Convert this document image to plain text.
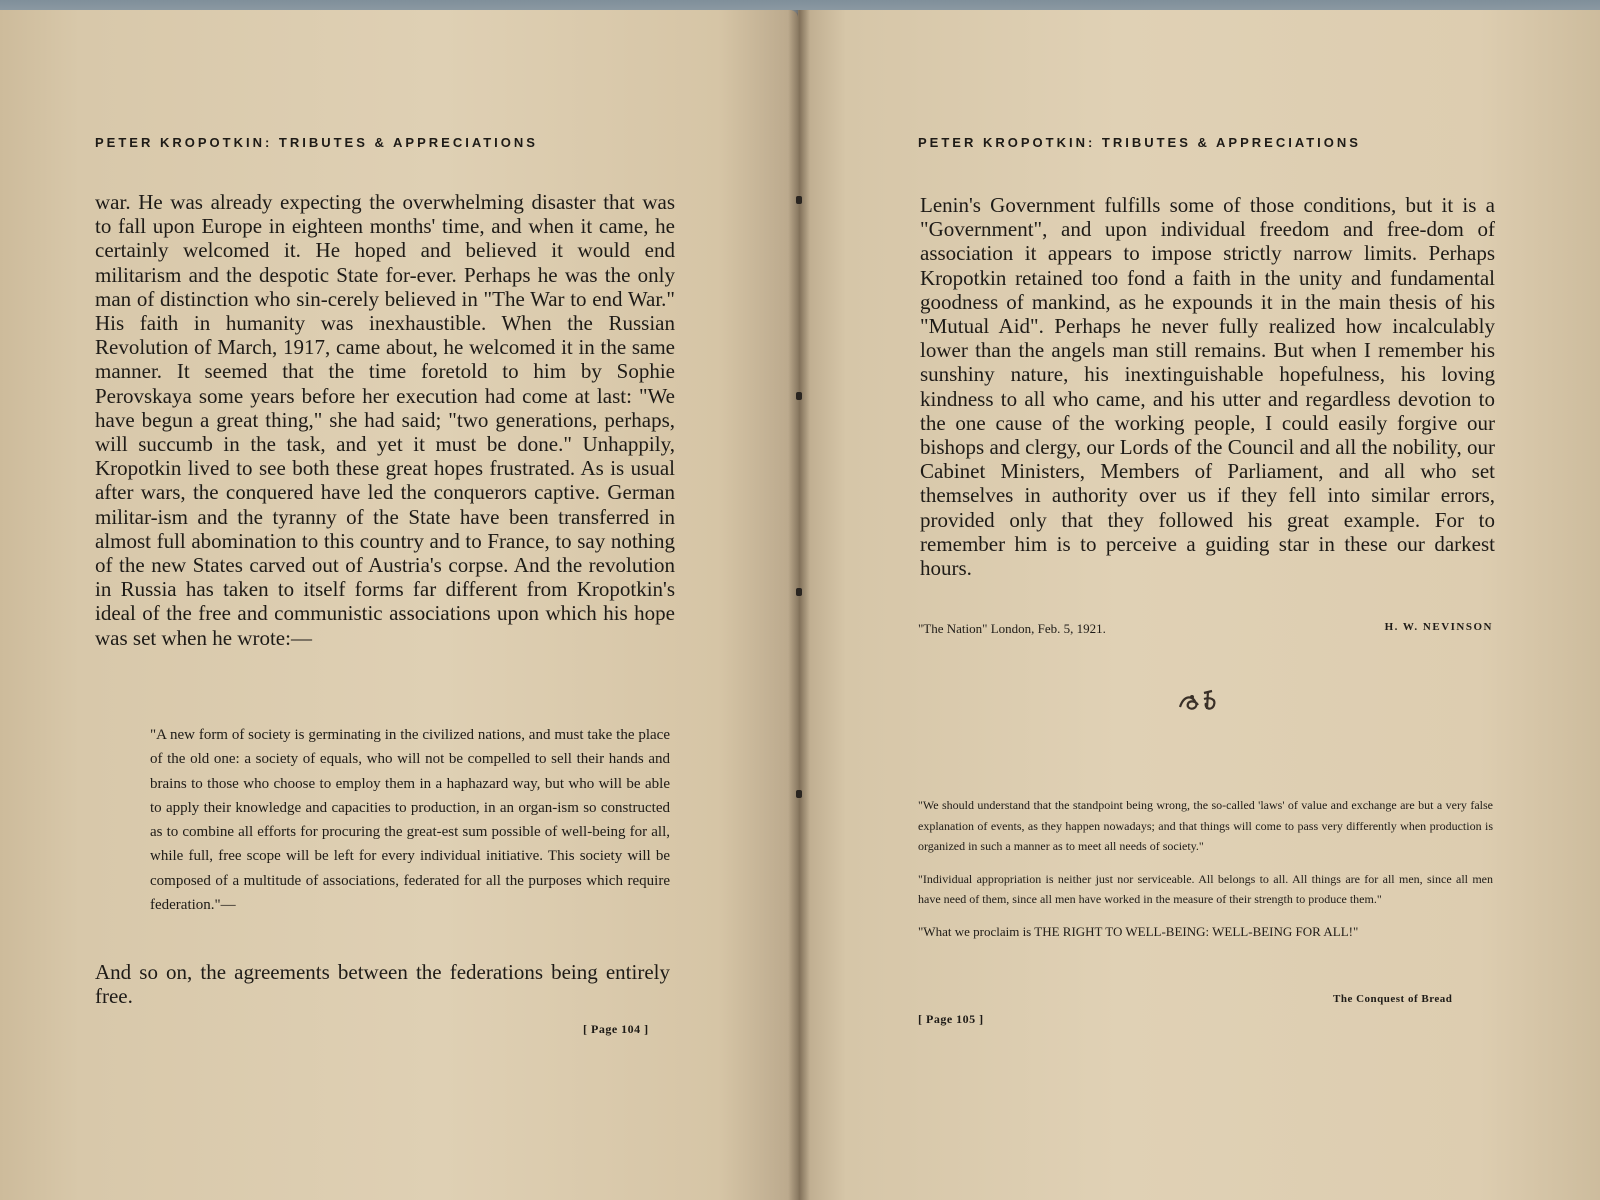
PETER KROPOTKIN: TRIBUTES & APPRECIATIONS
war. He was already expecting the overwhelming disaster that was to fall upon Europe in eighteen months' time, and when it came, he certainly welcomed it. He hoped and believed it would end militarism and the despotic State for-ever. Perhaps he was the only man of distinction who sin-cerely believed in "The War to end War." His faith in humanity was inexhaustible. When the Russian Revolution of March, 1917, came about, he welcomed it in the same manner. It seemed that the time foretold to him by Sophie Perovskaya some years before her execution had come at last: "We have begun a great thing," she had said; "two generations, perhaps, will succumb in the task, and yet it must be done." Unhappily, Kropotkin lived to see both these great hopes frustrated. As is usual after wars, the conquered have led the conquerors captive. German militar-ism and the tyranny of the State have been transferred in almost full abomination to this country and to France, to say nothing of the new States carved out of Austria's corpse. And the revolution in Russia has taken to itself forms far different from Kropotkin's ideal of the free and communistic associations upon which his hope was set when he wrote:—
"A new form of society is germinating in the civilized nations, and must take the place of the old one: a society of equals, who will not be compelled to sell their hands and brains to those who choose to employ them in a haphazard way, but who will be able to apply their knowledge and capacities to production, in an organ-ism so constructed as to combine all efforts for procuring the great-est sum possible of well-being for all, while full, free scope will be left for every individual initiative. This society will be composed of a multitude of associations, federated for all the purposes which require federation."—
And so on, the agreements between the federations being entirely free.
[ Page 104 ]
PETER KROPOTKIN: TRIBUTES & APPRECIATIONS
Lenin's Government fulfills some of those conditions, but it is a "Government", and upon individual freedom and free-dom of association it appears to impose strictly narrow limits. Perhaps Kropotkin retained too fond a faith in the unity and fundamental goodness of mankind, as he expounds it in the main thesis of his "Mutual Aid". Perhaps he never fully realized how incalculably lower than the angels man still remains. But when I remember his sunshiny nature, his inextinguishable hopefulness, his loving kindness to all who came, and his utter and regardless devotion to the one cause of the working people, I could easily forgive our bishops and clergy, our Lords of the Council and all the nobility, our Cabinet Ministers, Members of Parliament, and all who set themselves in authority over us if they fell into similar errors, provided only that they followed his great example. For to remember him is to perceive a guiding star in these our darkest hours.
"The Nation" London, Feb. 5, 1921.	H. W. NEVINSON

"We should understand that the standpoint being wrong, the so-called 'laws' of value and exchange are but a very false explanation of events, as they happen nowadays; and that things will come to pass very differently when production is organized in such a manner as to meet all needs of society."

"Individual appropriation is neither just nor serviceable. All belongs to all. All things are for all men, since all men have need of them, since all men have worked in the measure of their strength to produce them."

"What we proclaim is THE RIGHT TO WELL-BEING: WELL-BEING FOR ALL!"

The Conquest of Bread
[ Page 105 ]
